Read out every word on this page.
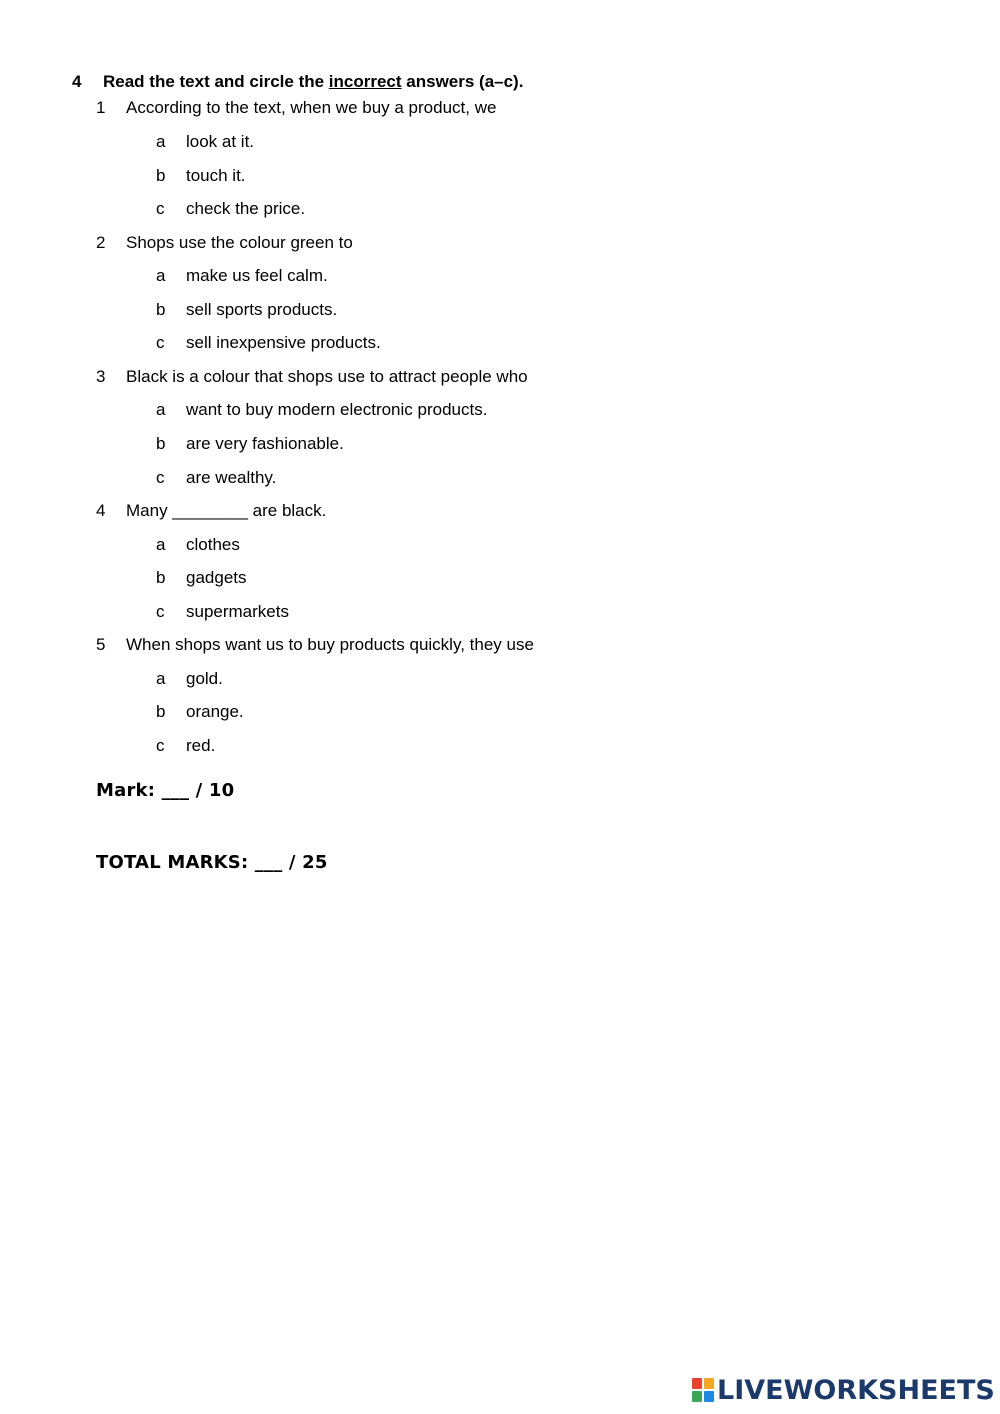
4 Read the text and circle the incorrect answers (a–c).
1 According to the text, when we buy a product, we
a look at it.
b touch it.
c check the price.
2 Shops use the colour green to
a make us feel calm.
b sell sports products.
c sell inexpensive products.
3 Black is a colour that shops use to attract people who
a want to buy modern electronic products.
b are very fashionable.
c are wealthy.
4 Many ________ are black.
a clothes
b gadgets
c supermarkets
5 When shops want us to buy products quickly, they use
a gold.
b orange.
c red.
Mark: ___ / 10
TOTAL MARKS: ___ / 25
LIVEWORKSHEETS
